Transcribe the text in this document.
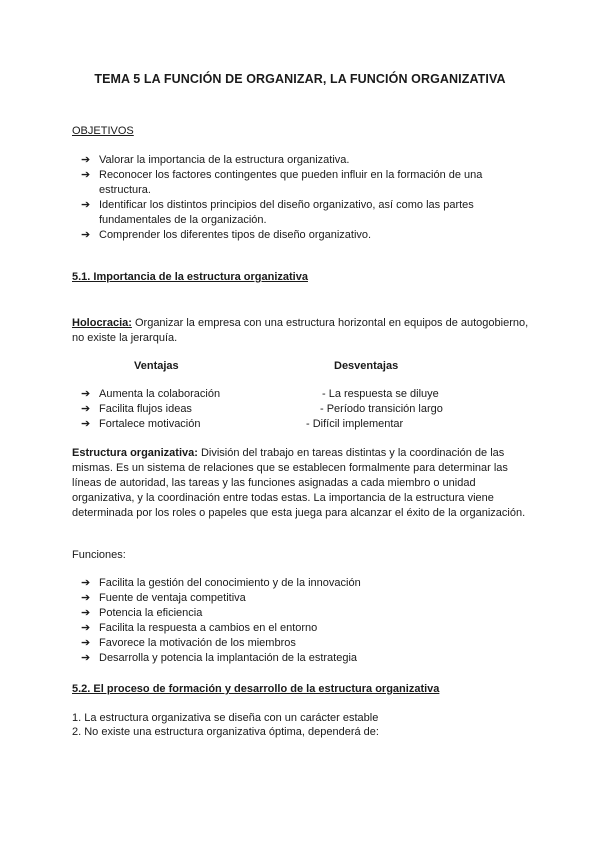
TEMA 5 LA FUNCIÓN DE ORGANIZAR, LA FUNCIÓN ORGANIZATIVA
OBJETIVOS
➔ Valorar la importancia de la estructura organizativa.
➔ Reconocer los factores contingentes que pueden influir en la formación de una estructura.
➔ Identificar los distintos principios del diseño organizativo, así como las partes fundamentales de la organización.
➔ Comprender los diferentes tipos de diseño organizativo.
5.1. Importancia de la estructura organizativa
Holocracia: Organizar la empresa con una estructura horizontal en equipos de autogobierno, no existe la jerarquía.
Ventajas	Desventajas
➔ Aumenta la colaboración
➔ Facilita flujos ideas
➔ Fortalece motivación
- La respuesta se diluye
- Período transición largo
- Difícil implementar
Estructura organizativa: División del trabajo en tareas distintas y la coordinación de las mismas. Es un sistema de relaciones que se establecen formalmente para determinar las líneas de autoridad, las tareas y las funciones asignadas a cada miembro o unidad organizativa, y la coordinación entre todas estas. La importancia de la estructura viene determinada por los roles o papeles que esta juega para alcanzar el éxito de la organización.
Funciones:
➔ Facilita la gestión del conocimiento y de la innovación
➔ Fuente de ventaja competitiva
➔ Potencia la eficiencia
➔ Facilita la respuesta a cambios en el entorno
➔ Favorece la motivación de los miembros
➔ Desarrolla y potencia la implantación de la estrategia
5.2. El proceso de formación y desarrollo de la estructura organizativa
1. La estructura organizativa se diseña con un carácter estable
2. No existe una estructura organizativa óptima, dependerá de:
